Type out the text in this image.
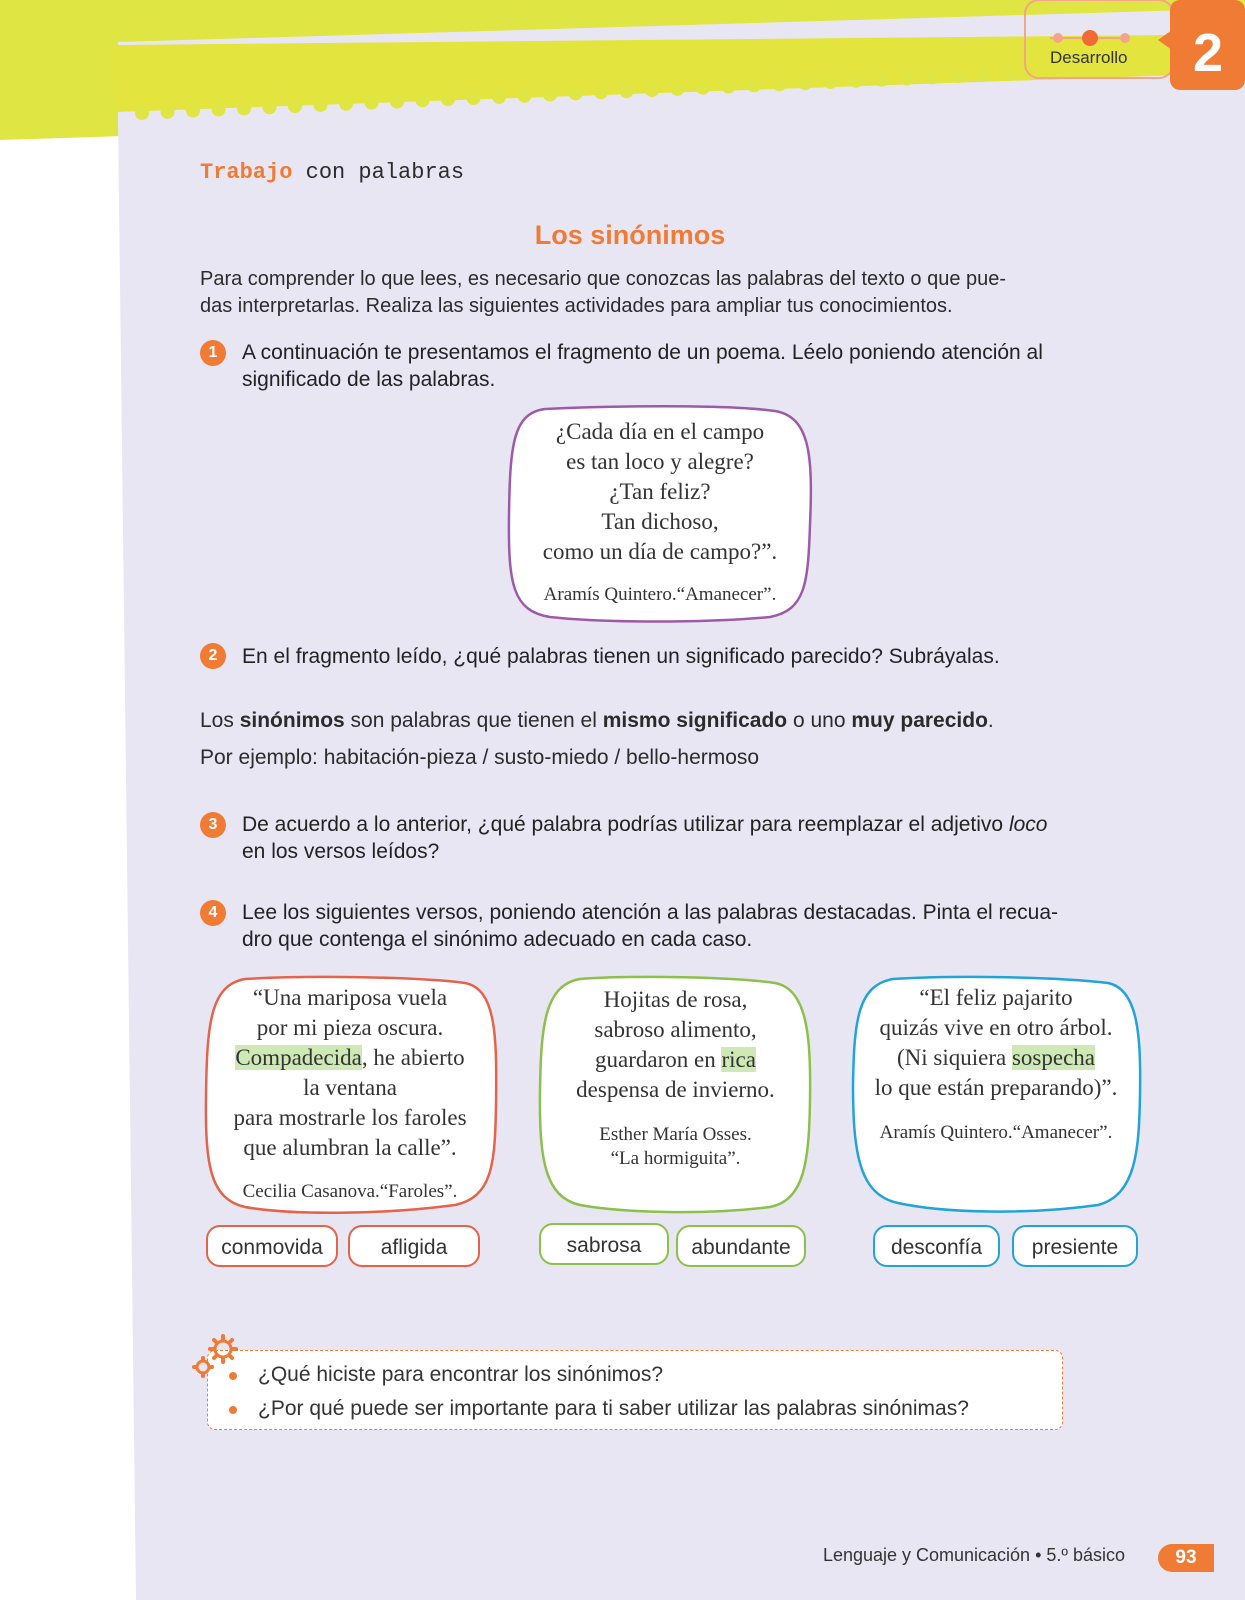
Desarrollo 2
Trabajo con palabras
Los sinónimos
Para comprender lo que lees, es necesario que conozcas las palabras del texto o que pue-
das interpretarlas. Realiza las siguientes actividades para ampliar tus conocimientos.
1	A continuación te presentamos el fragmento de un poema. Léelo poniendo atención al
significado de las palabras.
¿Cada día en el campo
es tan loco y alegre?
¿Tan feliz?
Tan dichoso,
como un día de campo?”.
Aramís Quintero.“Amanecer”.
2	En el fragmento leído, ¿qué palabras tienen un significado parecido? Subráyalas.
Los sinónimos son palabras que tienen el mismo significado o uno muy parecido.
Por ejemplo: habitación-pieza / susto-miedo / bello-hermoso
3	De acuerdo a lo anterior, ¿qué palabra podrías utilizar para reemplazar el adjetivo loco
en los versos leídos?
4	Lee los siguientes versos, poniendo atención a las palabras destacadas. Pinta el recua-
dro que contenga el sinónimo adecuado en cada caso.
“Una mariposa vuela
por mi pieza oscura.
Compadecida, he abierto
la ventana
para mostrarle los faroles
que alumbran la calle”.
Cecilia Casanova.“Faroles”.
conmovida	afligida
Hojitas de rosa,
sabroso alimento,
guardaron en rica
despensa de invierno.
Esther María Osses.
“La hormiguita”.
sabrosa	abundante
“El feliz pajarito
quizás vive en otro árbol.
(Ni siquiera sospecha
lo que están preparando)”.
Aramís Quintero.“Amanecer”.
desconfía	presiente
¿Qué hiciste para encontrar los sinónimos?
¿Por qué puede ser importante para ti saber utilizar las palabras sinónimas?
Lenguaje y Comunicación • 5.º básico	93
